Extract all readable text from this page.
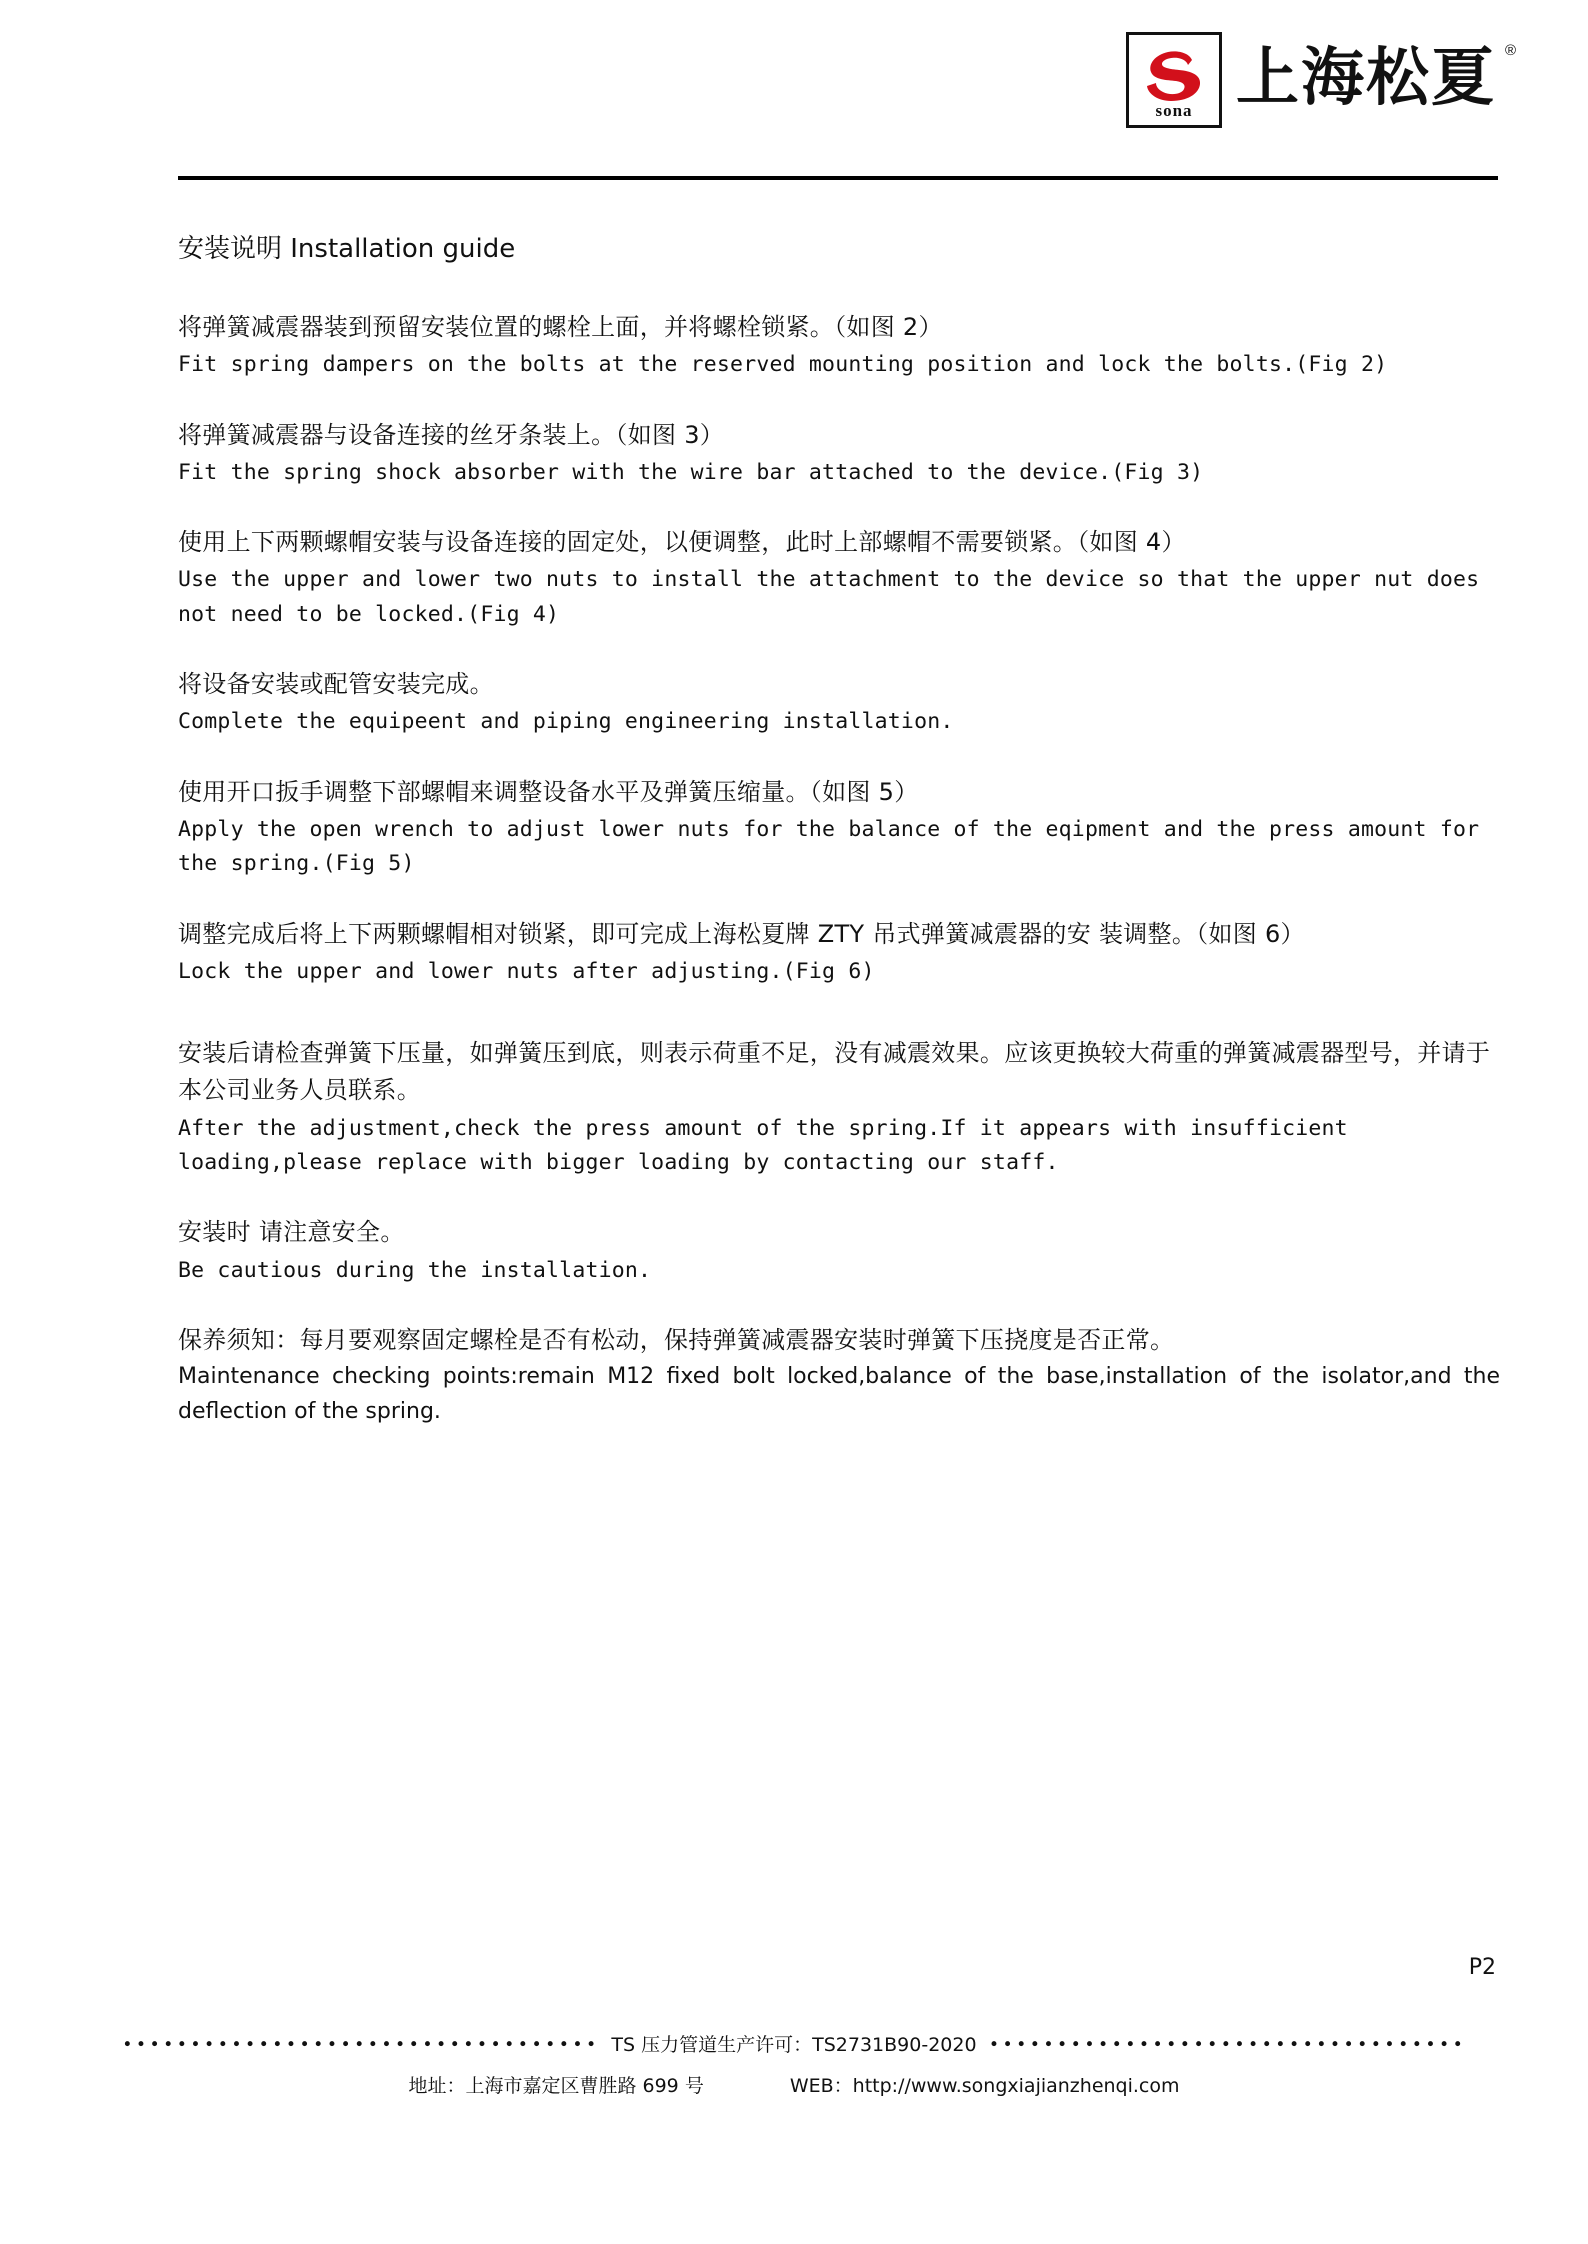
sona
®
上海松夏
安装说明 Installation guide
将弹簧减震器装到预留安装位置的螺栓上面，并将螺栓锁紧。（如图 2）
Fit spring dampers on the bolts at the reserved mounting position and lock the bolts.(Fig 2)
将弹簧减震器与设备连接的丝牙条装上。（如图 3）
Fit the spring shock absorber with the wire bar attached to the device.(Fig 3)
使用上下两颗螺帽安装与设备连接的固定处，以便调整，此时上部螺帽不需要锁紧。（如图 4）
Use the upper and lower two nuts to install the attachment to the device so that the upper nut does not need to be locked.(Fig 4)
将设备安装或配管安装完成。
Complete the equipeent and piping engineering installation.
使用开口扳手调整下部螺帽来调整设备水平及弹簧压缩量。（如图 5）
Apply the open wrench to adjust lower nuts for the balance of the eqipment and the press amount for the spring.(Fig 5)
调整完成后将上下两颗螺帽相对锁紧，即可完成上海松夏牌 ZTY 吊式弹簧减震器的安 装调整。（如图 6）
Lock the upper and lower nuts after adjusting.(Fig 6)
安装后请检查弹簧下压量，如弹簧压到底，则表示荷重不足，没有减震效果。应该更换较大荷重的弹簧减震器型号，并请于本公司业务人员联系。
After the adjustment,check the press amount of the spring.If it appears with insufficient loading,please replace with bigger loading by contacting our staff.
安装时 请注意安全。
Be cautious during the installation.
保养须知：每月要观察固定螺栓是否有松动，保持弹簧减震器安装时弹簧下压挠度是否正常。
Maintenance checking points:remain M12 fixed bolt locked,balance of the base,installation of the isolator,and the deflection of the spring.
P2
∙∙∙∙∙∙∙∙∙∙∙∙∙∙∙∙∙∙∙∙∙∙∙∙∙∙∙∙∙∙∙∙∙∙∙ TS 压力管道生产许可：TS2731B90-2020 ∙∙∙∙∙∙∙∙∙∙∙∙∙∙∙∙∙∙∙∙∙∙∙∙∙∙∙∙∙∙∙∙∙∙∙
地址：上海市嘉定区曹胜路 699 号	WEB：http://www.songxiajianzhenqi.com
